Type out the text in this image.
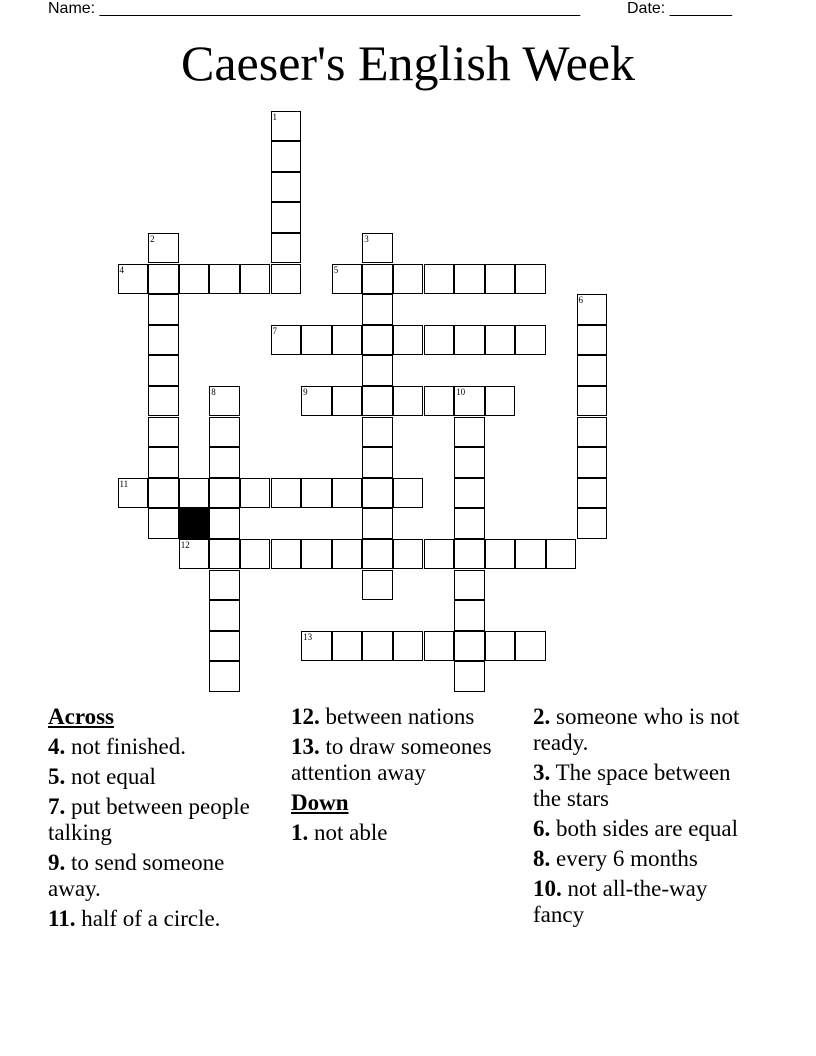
Name: ______________________________________________________	Date: _______
Caeser's English Week
1
2	3
4	5
6
7
8	9	10
11
12
13
Across
4. not finished.
5. not equal
7. put between people talking
9. to send someone away.
11. half of a circle.
12. between nations
13. to draw someones attention away
Down
1. not able
2. someone who is not ready.
3. The space between the stars
6. both sides are equal
8. every 6 months
10. not all-the-way fancy
